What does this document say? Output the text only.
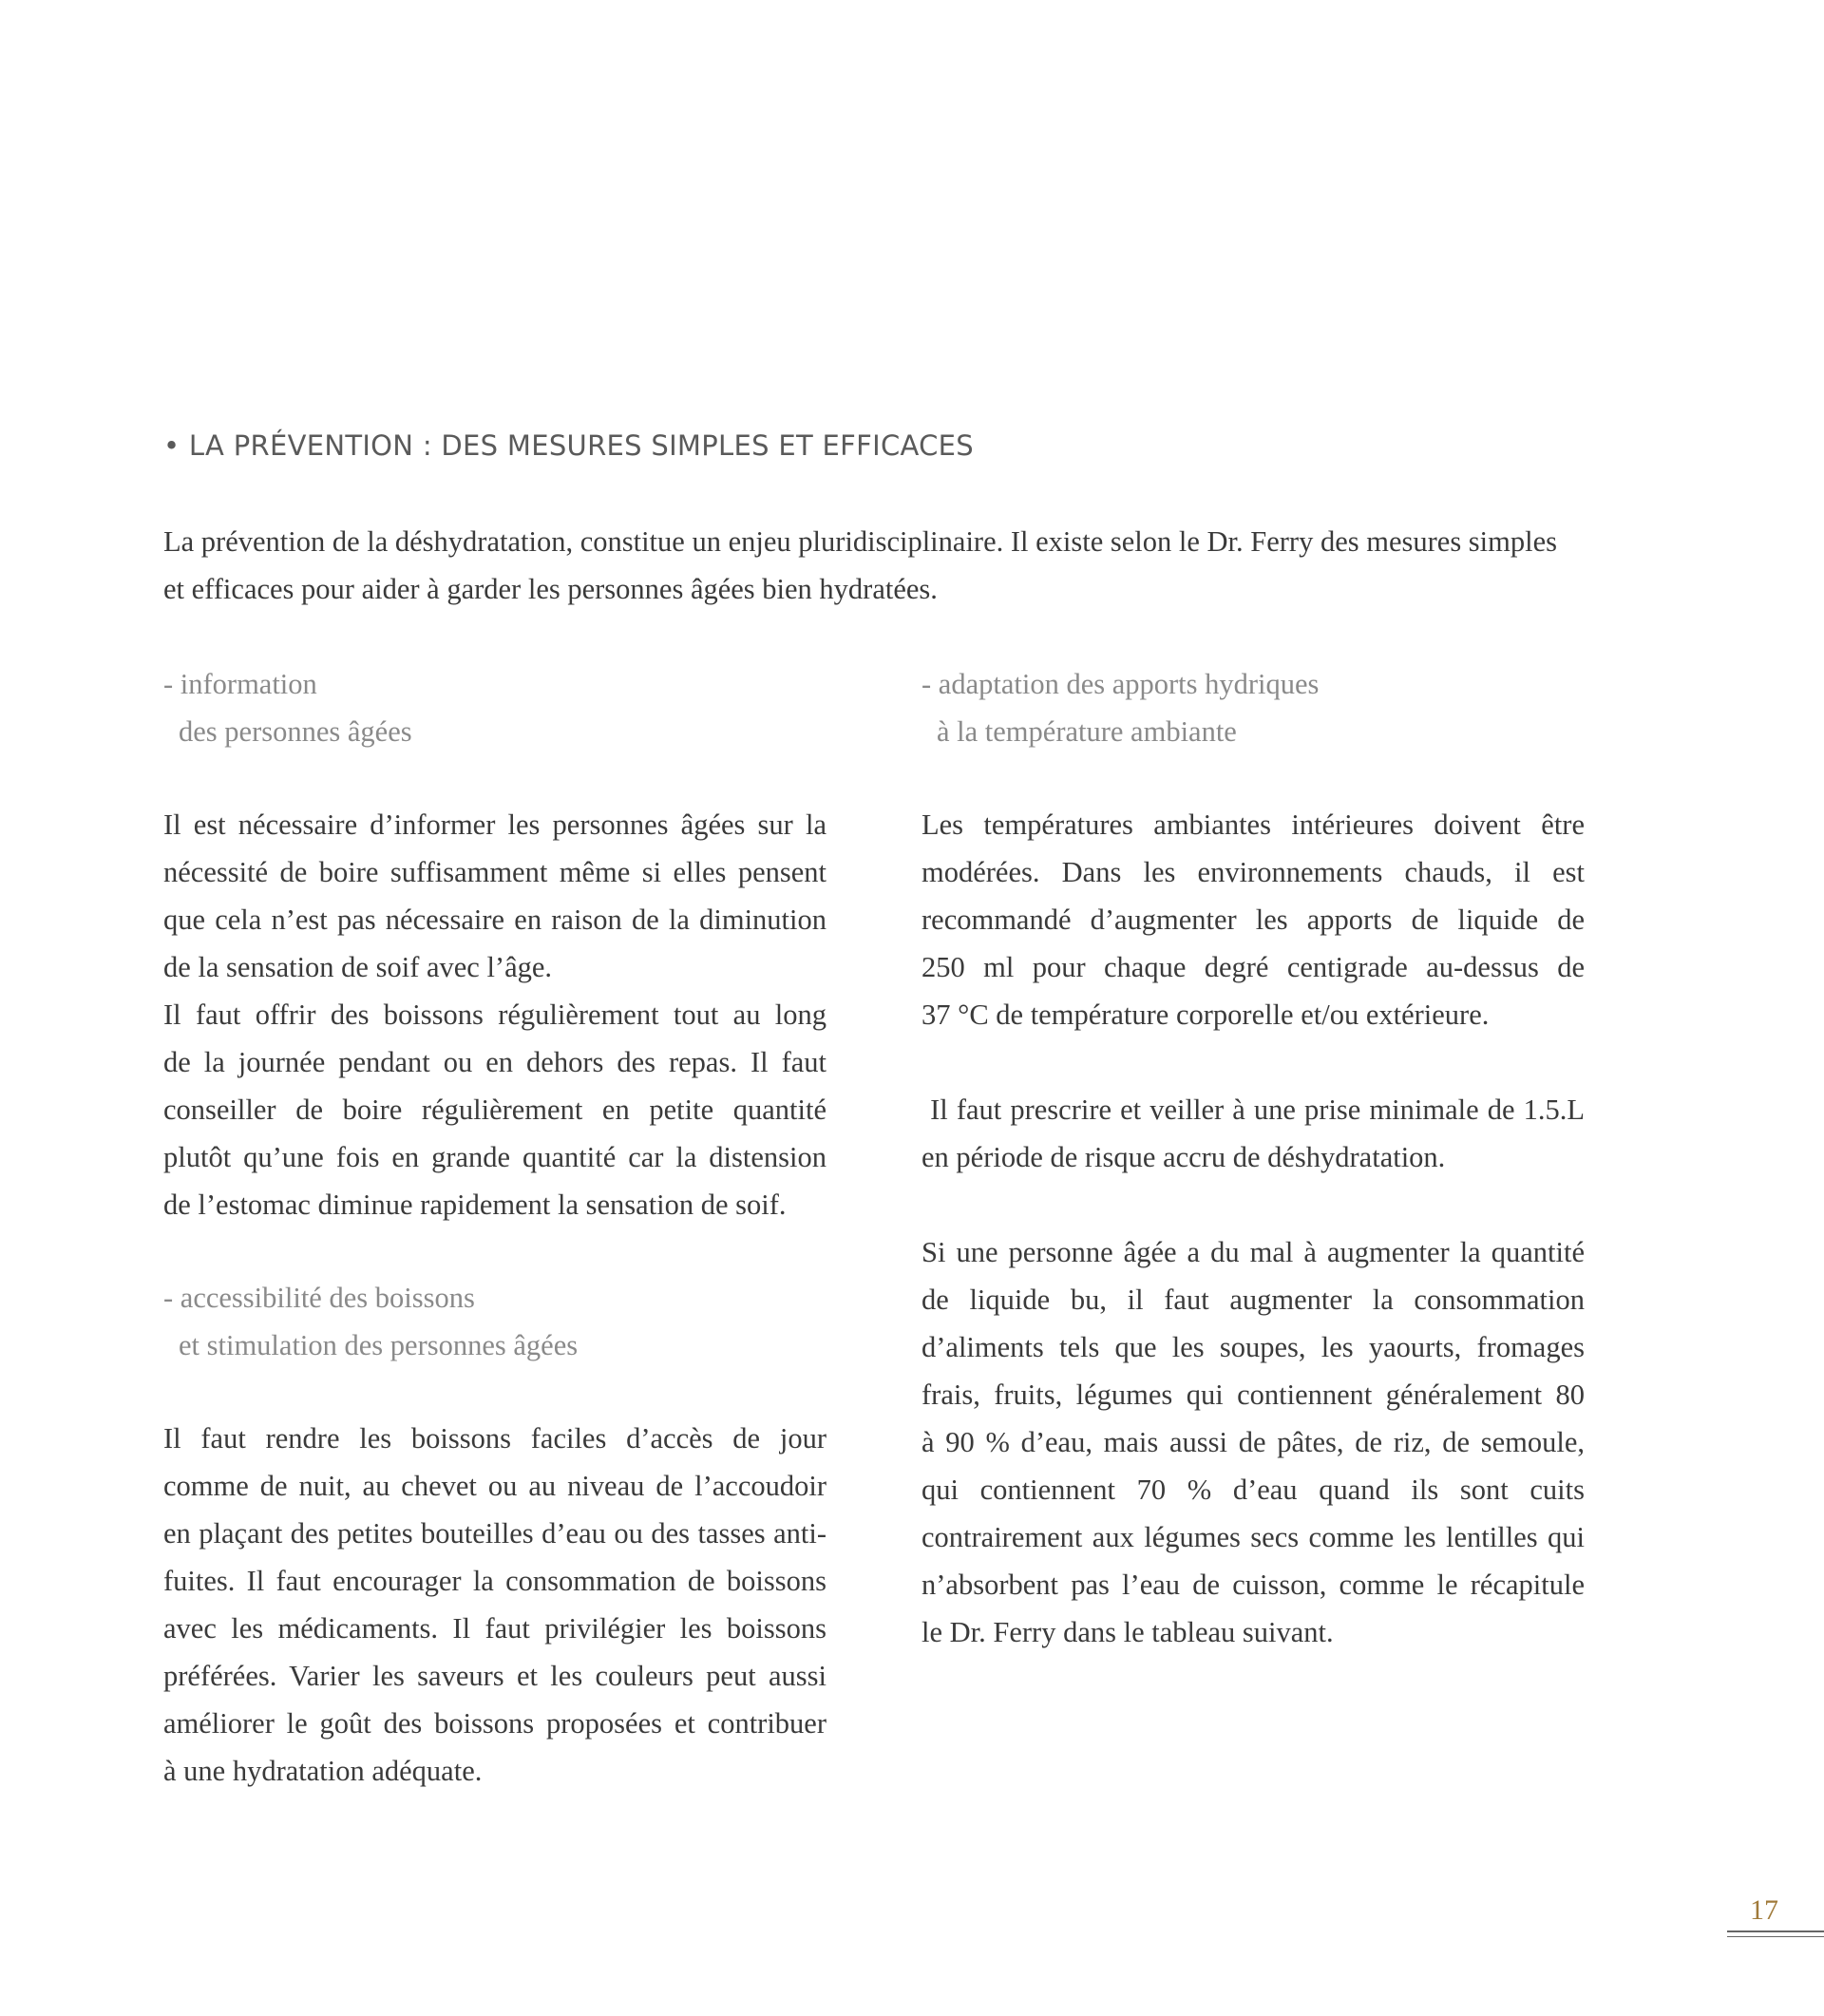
• LA PRÉVENTION : DES MESURES SIMPLES ET EFFICACES

La prévention de la déshydratation, constitue un enjeu pluridisciplinaire. Il existe selon le Dr. Ferry des mesures simples

et efficaces pour aider à garder les personnes âgées bien hydratées.

- information
des personnes âgées

Il est nécessaire d’informer les personnes âgées sur la
nécessité de boire suffisamment même si elles pensent
que cela n’est pas nécessaire en raison de la diminution
de la sensation de soif avec l’âge.
Il faut offrir des boissons régulièrement tout au long
de la journée pendant ou en dehors des repas. Il faut
conseiller de boire régulièrement en petite quantité
plutôt qu’une fois en grande quantité car la distension
de l’estomac diminue rapidement la sensation de soif.

- accessibilité des boissons
et stimulation des personnes âgées

Il faut rendre les boissons faciles d’accès de jour
comme de nuit, au chevet ou au niveau de l’accoudoir
en plaçant des petites bouteilles d’eau ou des tasses anti-
fuites. Il faut encourager la consommation de boissons
avec les médicaments. Il faut privilégier les boissons
préférées. Varier les saveurs et les couleurs peut aussi
améliorer le goût des boissons proposées et contribuer
à une hydratation adéquate.

- adaptation des apports hydriques
à la température ambiante

Les températures ambiantes intérieures doivent être
modérées. Dans les environnements chauds, il est
recommandé d’augmenter les apports de liquide de
250 ml pour chaque degré centigrade au-dessus de
37 °C de température corporelle et/ou extérieure.

Il faut prescrire et veiller à une prise minimale de 1.5.L
en période de risque accru de déshydratation.

Si une personne âgée a du mal à augmenter la quantité
de liquide bu, il faut augmenter la consommation
d’aliments tels que les soupes, les yaourts, fromages
frais, fruits, légumes qui contiennent généralement 80
à 90 % d’eau, mais aussi de pâtes, de riz, de semoule,
qui contiennent 70 % d’eau quand ils sont cuits
contrairement aux légumes secs comme les lentilles qui
n’absorbent pas l’eau de cuisson, comme le récapitule
le Dr. Ferry dans le tableau suivant.

17
